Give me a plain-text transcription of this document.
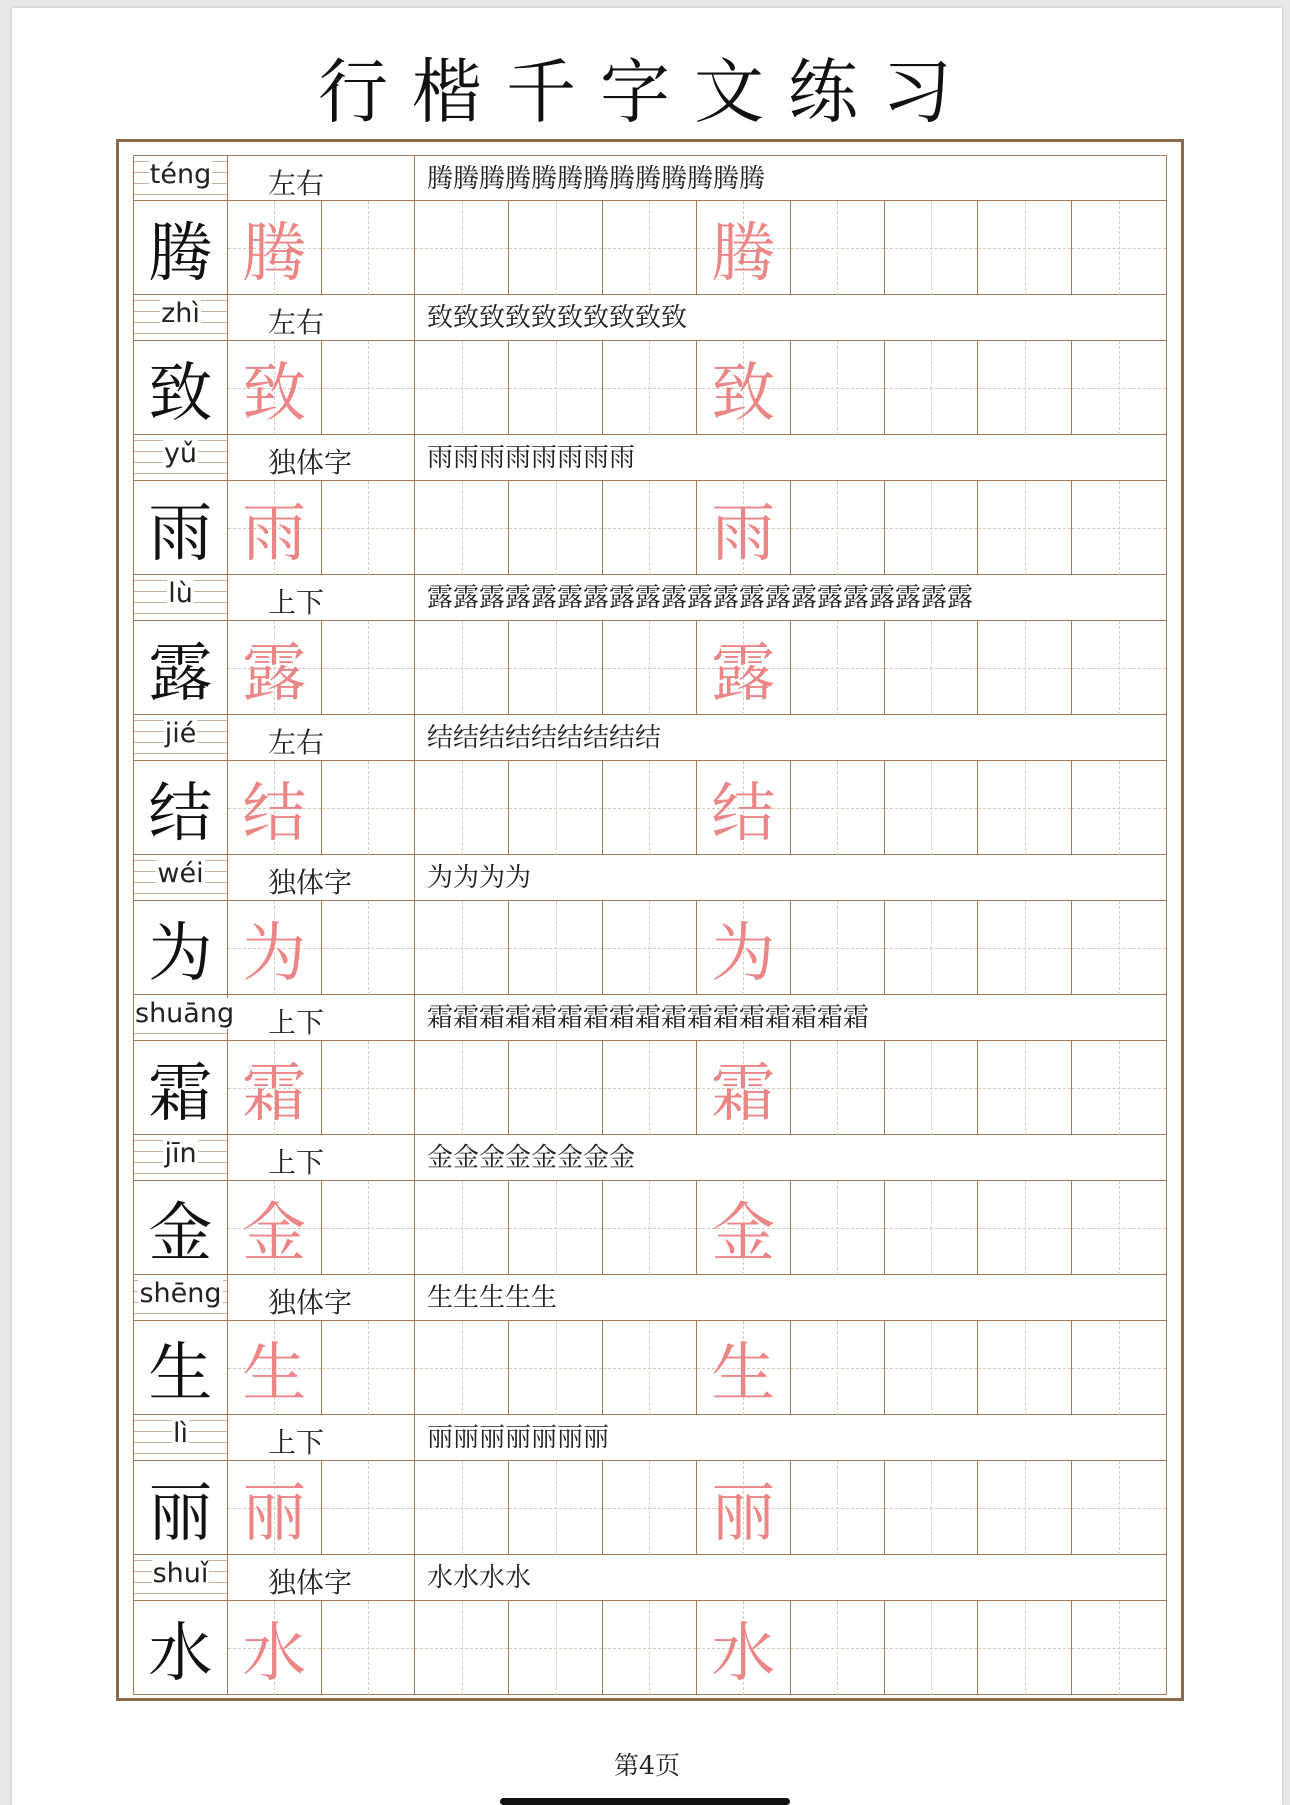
行楷千字文练习
téng	左右	腾腾腾腾腾腾腾腾腾腾腾腾腾
腾 腾	腾
zhì	左右	致致致致致致致致致致
致 致	致
yǔ	独体字	雨雨雨雨雨雨雨雨
雨 雨	雨
lù	上下	露露露露露露露露露露露露露露露露露露露露露
露 露	露
jié	左右	结结结结结结结结结
结 结	结
wéi	独体字	为为为为
为 为	为
shuāng	上下	霜霜霜霜霜霜霜霜霜霜霜霜霜霜霜霜霜
霜 霜	霜
jīn	上下	金金金金金金金金
金 金	金
shēng	独体字	生生生生生
生 生	生
lì	上下	丽丽丽丽丽丽丽
丽 丽	丽
shuǐ	独体字	水水水水
水 水	水
第4页
